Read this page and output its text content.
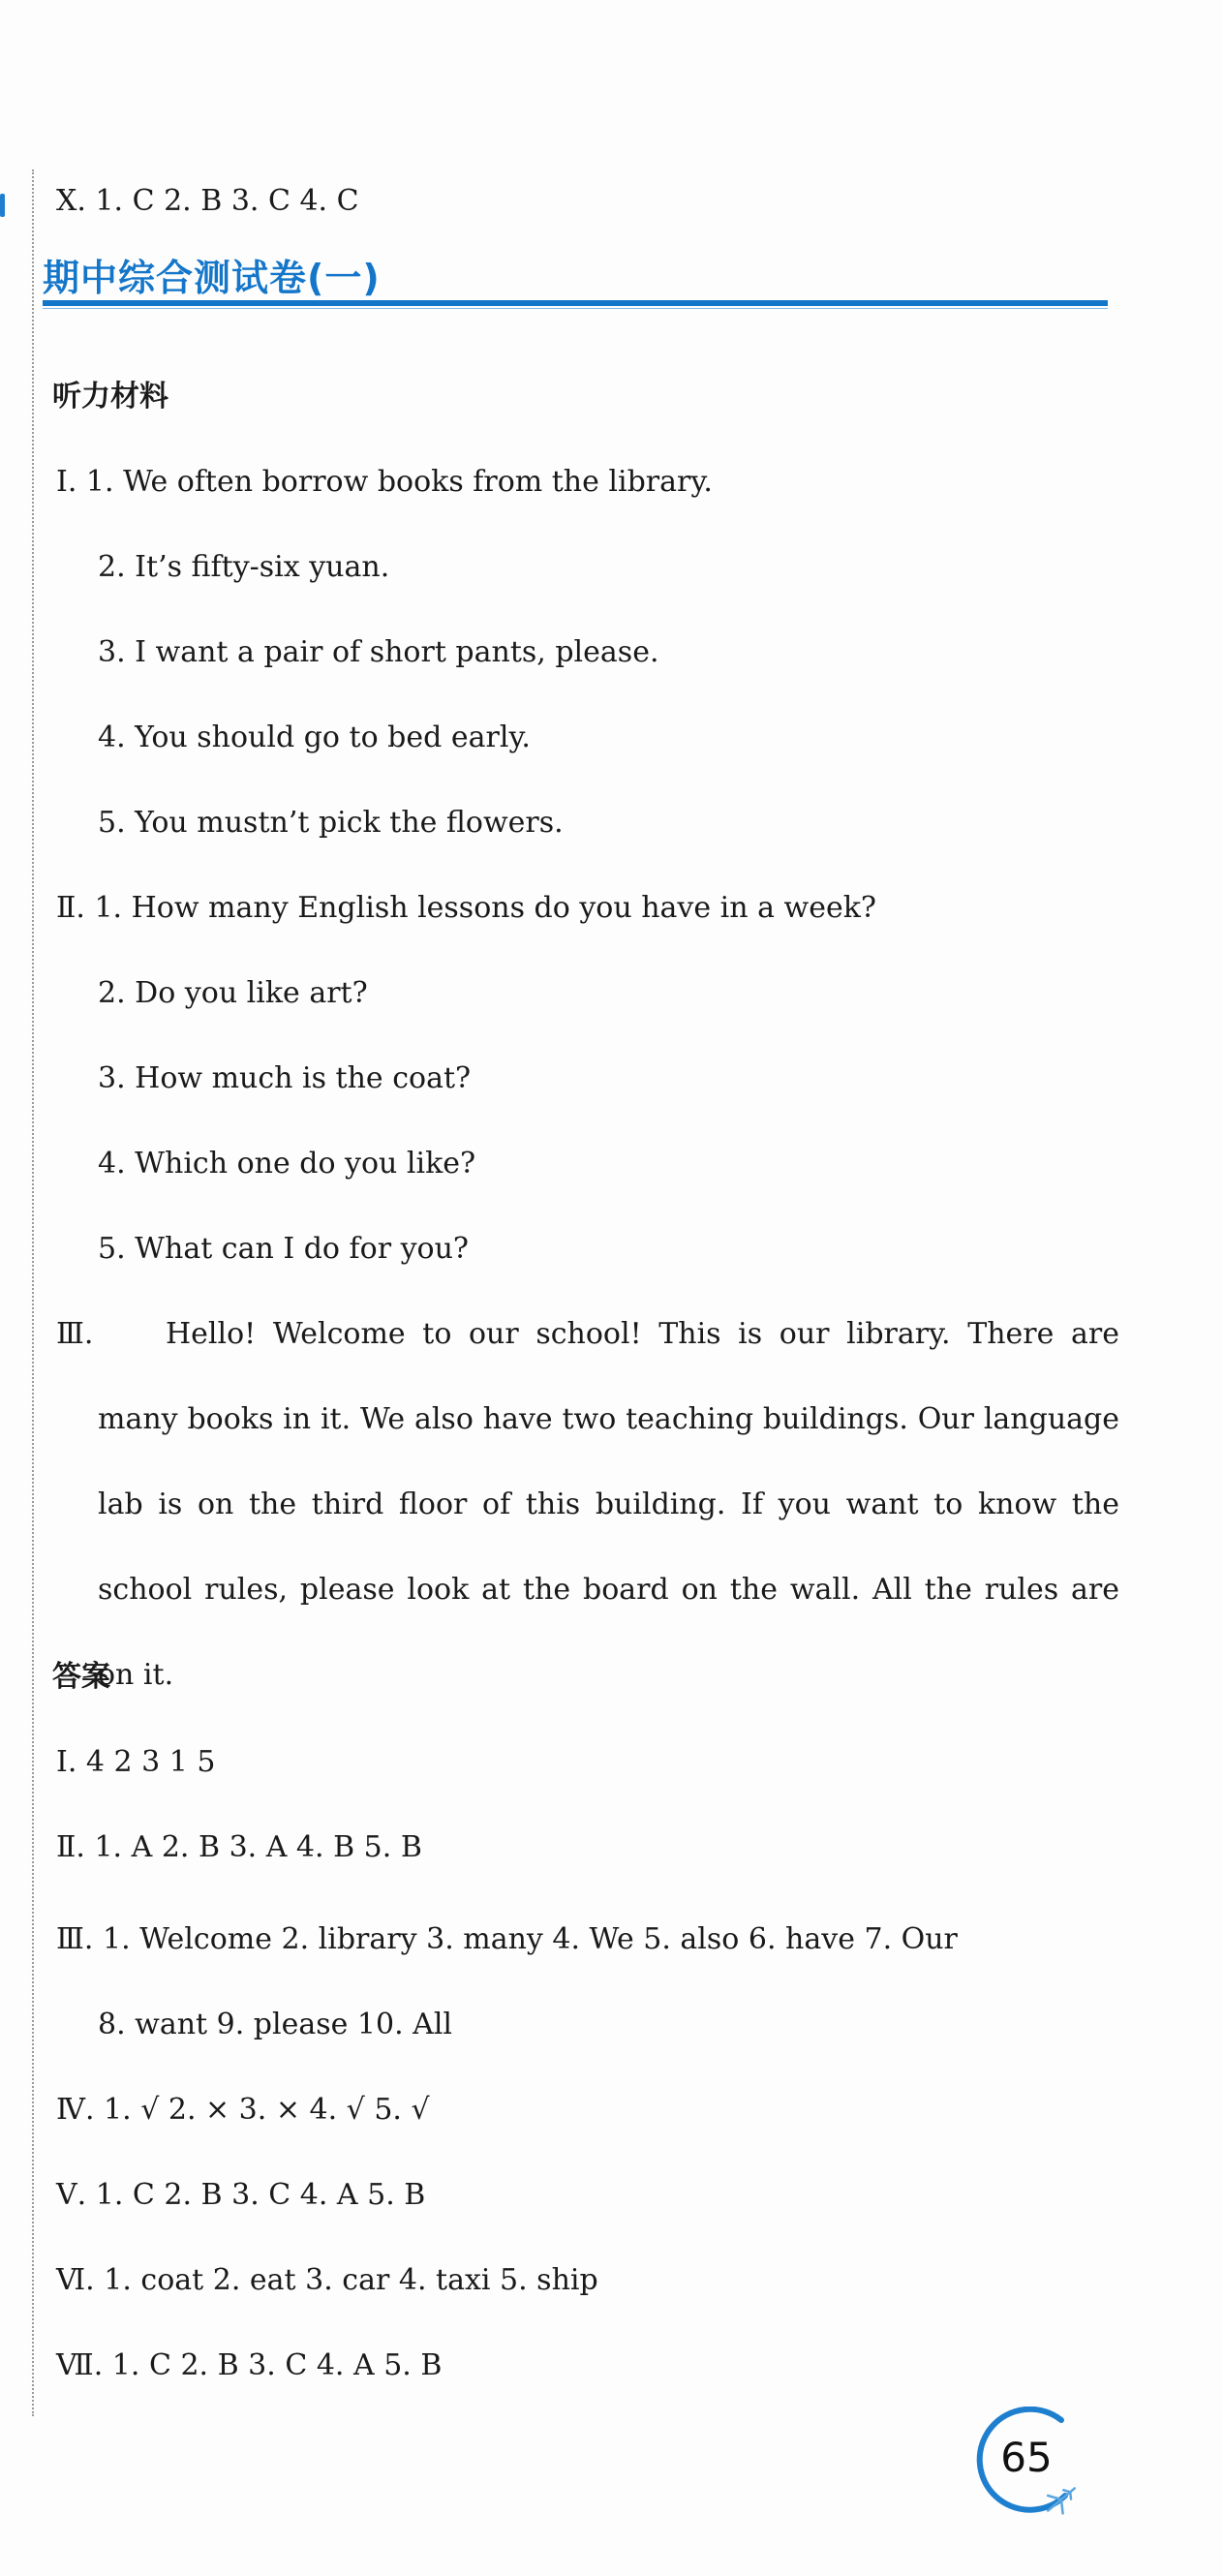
Ⅹ. 1. C 2. B 3. C 4. C
期中综合测试卷(一)
听力材料
Ⅰ. 1. We often borrow books from the library.
2. It’s fifty-six yuan.
3. I want a pair of short pants, please.
4. You should go to bed early.
5. You mustn’t pick the flowers.
Ⅱ. 1. How many English lessons do you have in a week?
2. Do you like art?
3. How much is the coat?
4. Which one do you like?
5. What can I do for you?
Ⅲ.	Hello! Welcome to our school! This is our library. There are many books in it. We also have two teaching buildings. Our language lab is on the third floor of this building. If you want to know the school rules, please look at the board on the wall. All the rules are on it.
答案
Ⅰ. 4 2 3 1 5
Ⅱ. 1. A 2. B 3. A 4. B 5. B
Ⅲ. 1. Welcome 2. library 3. many 4. We 5. also 6. have 7. Our
8. want 9. please 10. All
Ⅳ. 1. √ 2. × 3. × 4. √ 5. √
Ⅴ. 1. C 2. B 3. C 4. A 5. B
Ⅵ. 1. coat 2. eat 3. car 4. taxi 5. ship
Ⅶ. 1. C 2. B 3. C 4. A 5. B
65
